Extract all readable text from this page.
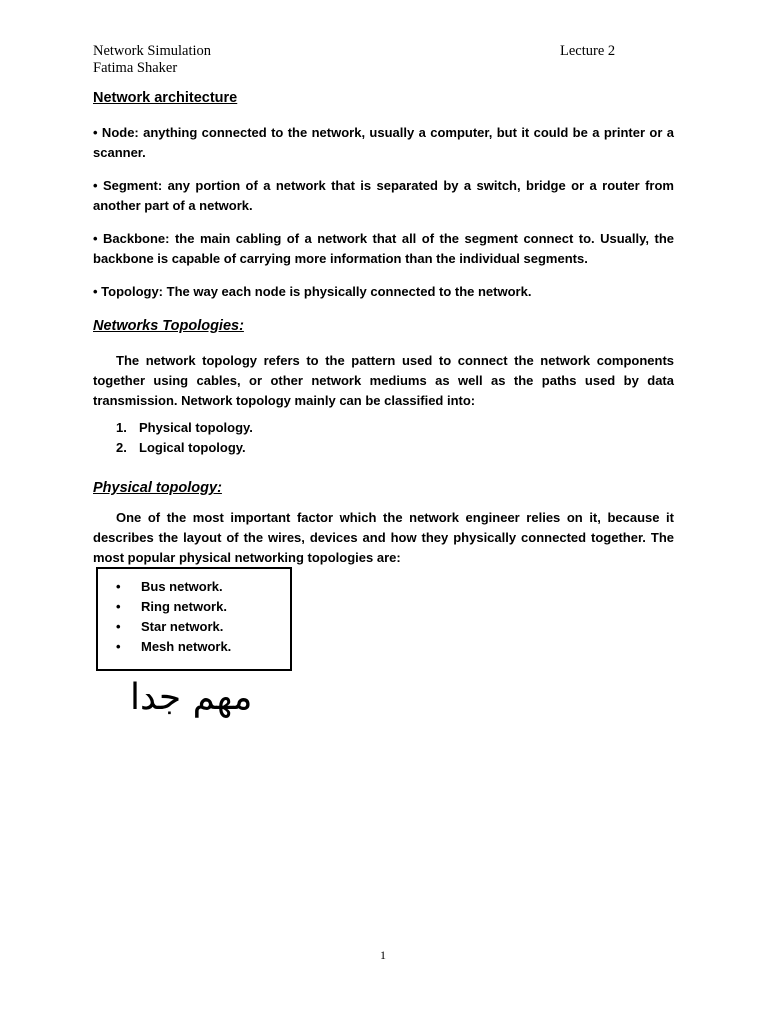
Network Simulation	Lecture 2
Fatima Shaker
Network architecture
• Node: anything connected to the network, usually a computer, but it could be a printer or a scanner.
• Segment: any portion of a network that is separated by a switch, bridge or a router from another part of a network.
• Backbone: the main cabling of a network that all of the segment connect to. Usually, the backbone is capable of carrying more information than the individual segments.
• Topology: The way each node is physically connected to the network.
Networks Topologies:
The network topology refers to the pattern used to connect the network components together using cables, or other network mediums as well as the paths used by data transmission. Network topology mainly can be classified into:
1. Physical topology.
2. Logical topology.
Physical topology:
One of the most important factor which the network engineer relies on it, because it describes the layout of the wires, devices and how they physically connected together. The most popular physical networking topologies are:
• Bus network.
• Ring network.
• Star network.
• Mesh network.
مهم جدا
1
